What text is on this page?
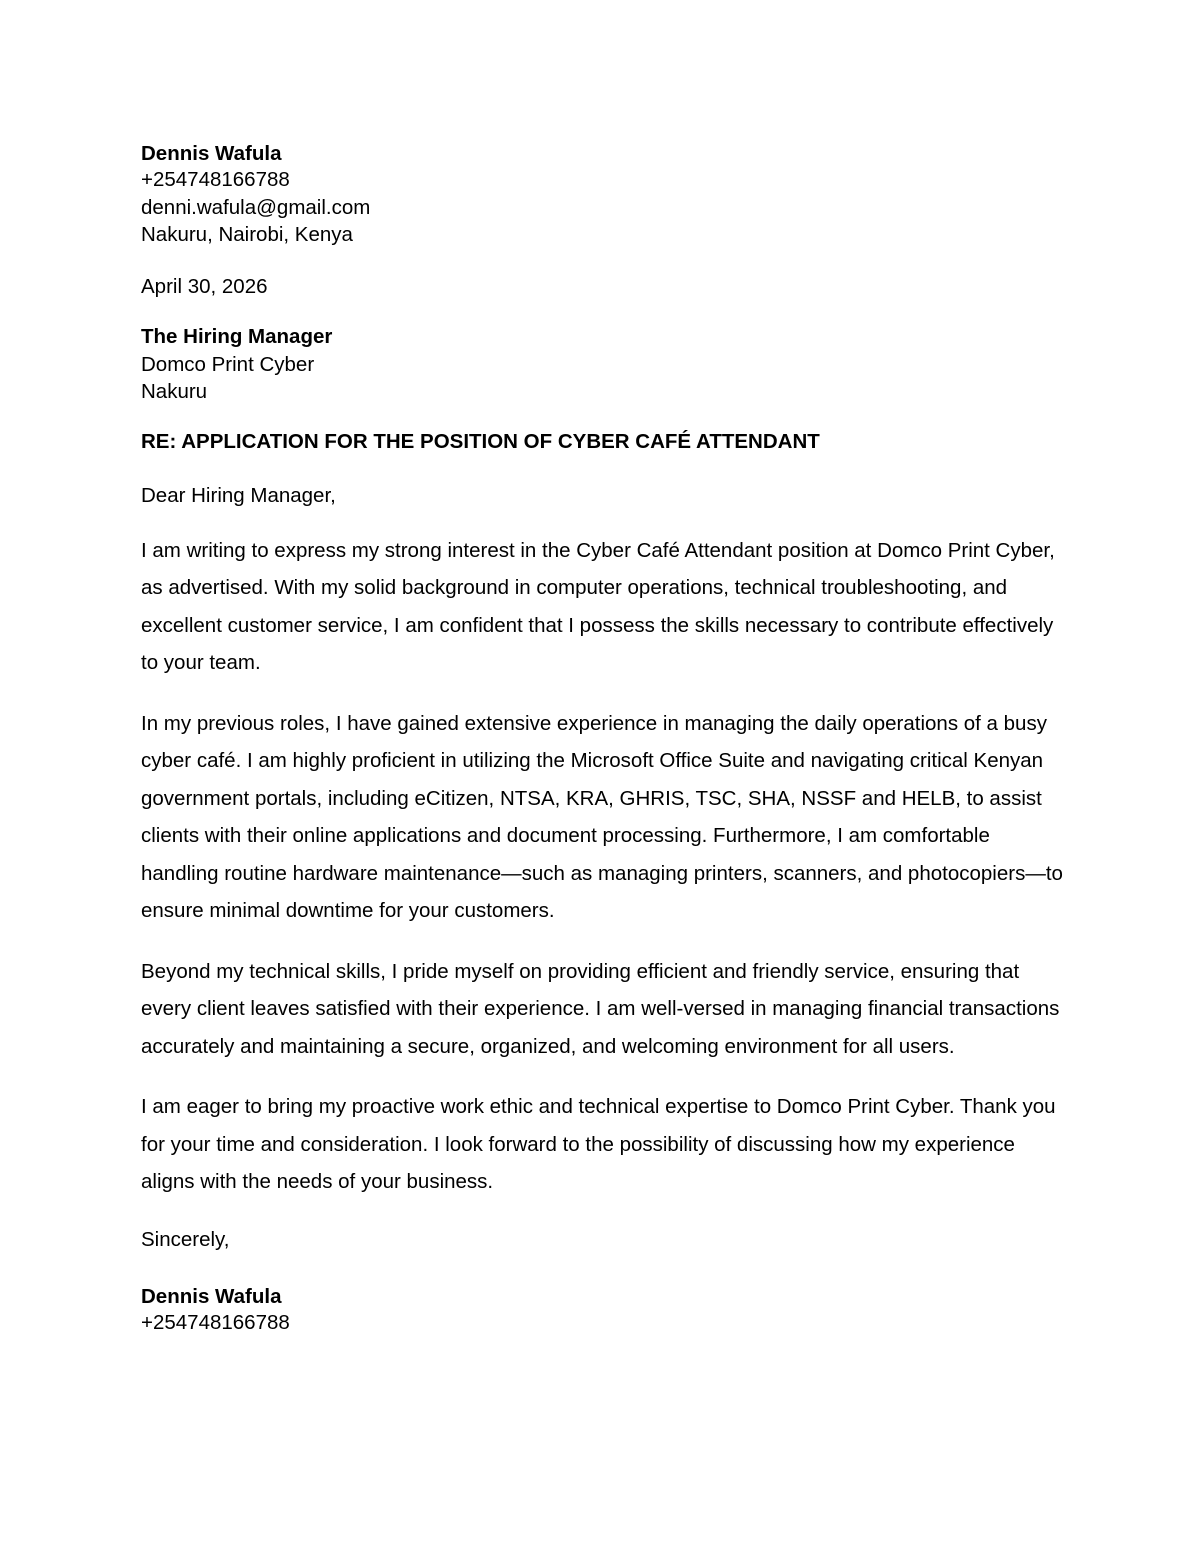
Dennis Wafula
+254748166788
denni.wafula@gmail.com
Nakuru, Nairobi, Kenya
April 30, 2026
The Hiring Manager
Domco Print Cyber
Nakuru
RE: APPLICATION FOR THE POSITION OF CYBER CAFÉ ATTENDANT
Dear Hiring Manager,

I am writing to express my strong interest in the Cyber Café Attendant position at Domco Print Cyber, as advertised. With my solid background in computer operations, technical troubleshooting, and excellent customer service, I am confident that I possess the skills necessary to contribute effectively to your team.

In my previous roles, I have gained extensive experience in managing the daily operations of a busy cyber café. I am highly proficient in utilizing the Microsoft Office Suite and navigating critical Kenyan government portals, including eCitizen, NTSA, KRA, GHRIS, TSC, SHA, NSSF and HELB, to assist clients with their online applications and document processing. Furthermore, I am comfortable handling routine hardware maintenance—such as managing printers, scanners, and photocopiers—to ensure minimal downtime for your customers.

Beyond my technical skills, I pride myself on providing efficient and friendly service, ensuring that every client leaves satisfied with their experience. I am well-versed in managing financial transactions accurately and maintaining a secure, organized, and welcoming environment for all users.

I am eager to bring my proactive work ethic and technical expertise to Domco Print Cyber. Thank you for your time and consideration. I look forward to the possibility of discussing how my experience aligns with the needs of your business.

Sincerely,
Dennis Wafula
+254748166788
